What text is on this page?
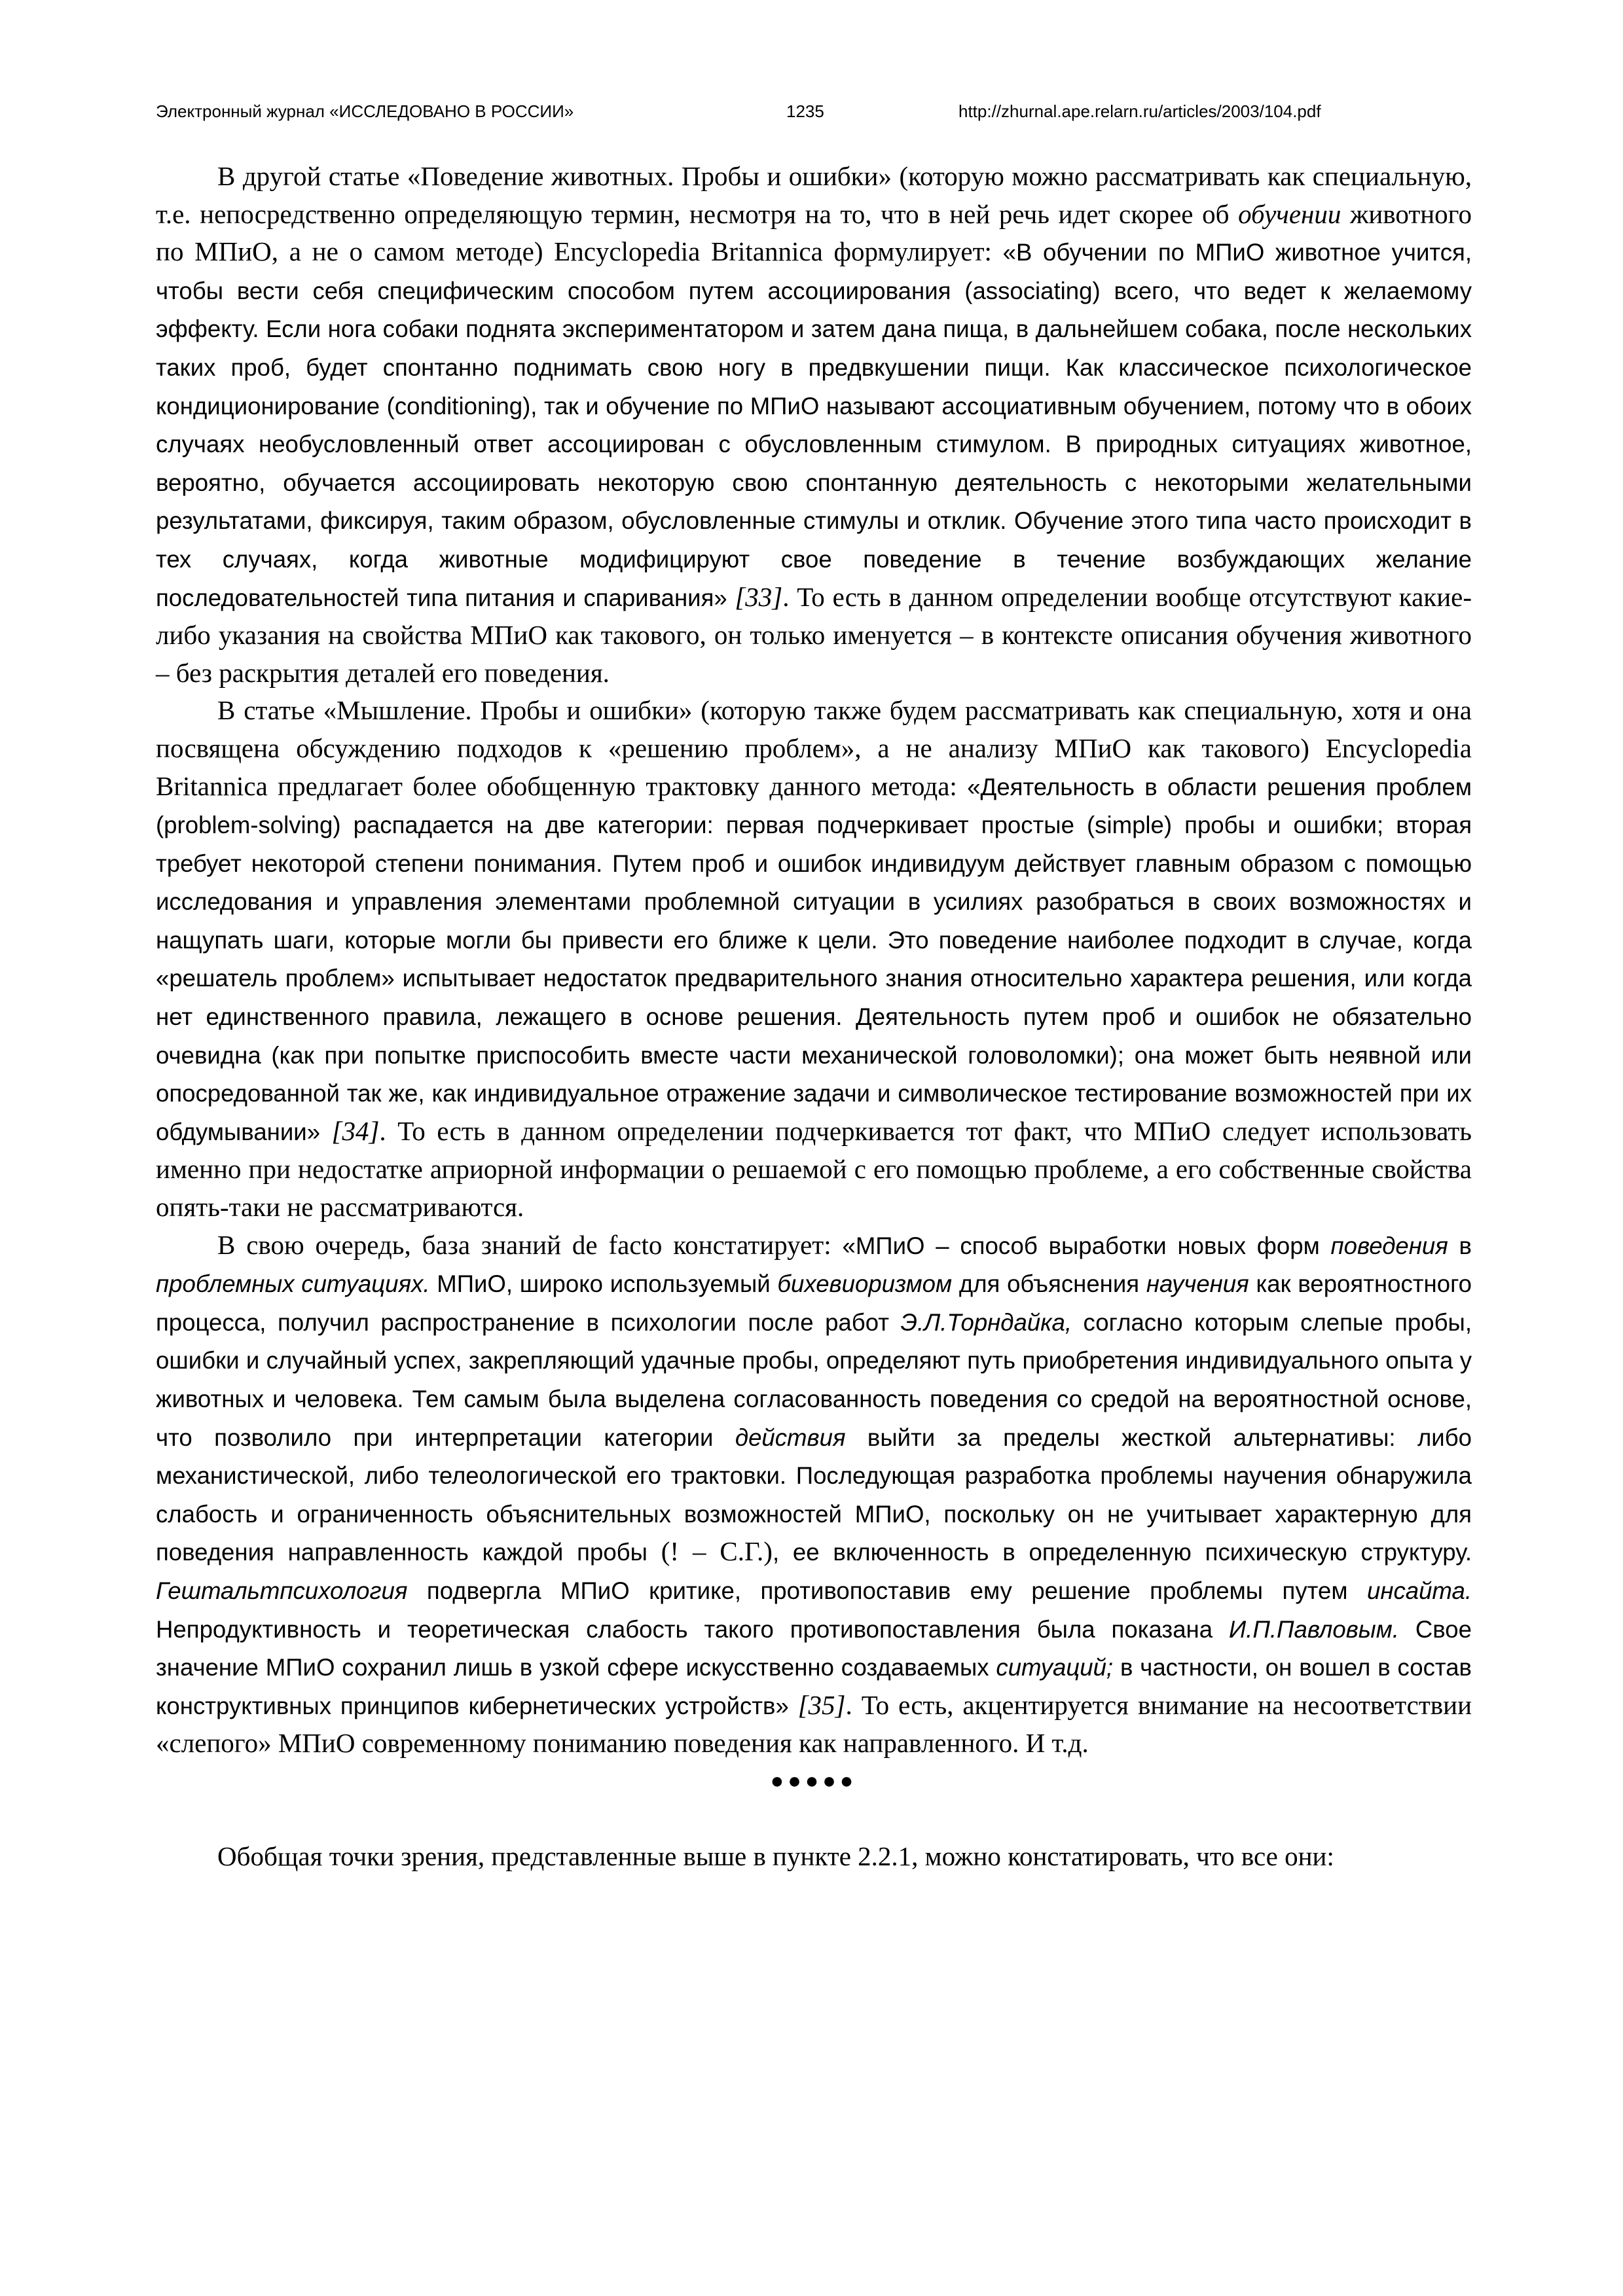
Электронный журнал «ИССЛЕДОВАНО В РОССИИ»	1235	http://zhurnal.ape.relarn.ru/articles/2003/104.pdf

В другой статье «Поведение животных. Пробы и ошибки» (которую можно рассматривать как специальную, т.е. непосредственно определяющую термин, несмотря на то, что в ней речь идет скорее об обучении животного по МПиО, а не о самом методе) Encyclopedia Britannica формулирует: «В обучении по МПиО животное учится, чтобы вести себя специфическим способом путем ассоциирования (associating) всего, что ведет к желаемому эффекту. Если нога собаки поднята экспериментатором и затем дана пища, в дальнейшем собака, после нескольких таких проб, будет спонтанно поднимать свою ногу в предвкушении пищи. Как классическое психологическое кондиционирование (conditioning), так и обучение по МПиО называют ассоциативным обучением, потому что в обоих случаях необусловленный ответ ассоциирован с обусловленным стимулом. В природных ситуациях животное, вероятно, обучается ассоциировать некоторую свою спонтанную деятельность с некоторыми желательными результатами, фиксируя, таким образом, обусловленные стимулы и отклик. Обучение этого типа часто происходит в тех случаях, когда животные модифицируют свое поведение в течение возбуждающих желание последовательностей типа питания и спаривания» [33]. То есть в данном определении вообще отсутствуют какие-либо указания на свойства МПиО как такового, он только именуется – в контексте описания обучения животного – без раскрытия деталей его поведения.

В статье «Мышление. Пробы и ошибки» (которую также будем рассматривать как специальную, хотя и она посвящена обсуждению подходов к «решению проблем», а не анализу МПиО как такового) Encyclopedia Britannica предлагает более обобщенную трактовку данного метода: «Деятельность в области решения проблем (problem-solving) распадается на две категории: первая подчеркивает простые (simple) пробы и ошибки; вторая требует некоторой степени понимания. Путем проб и ошибок индивидуум действует главным образом с помощью исследования и управления элементами проблемной ситуации в усилиях разобраться в своих возможностях и нащупать шаги, которые могли бы привести его ближе к цели. Это поведение наиболее подходит в случае, когда «решатель проблем» испытывает недостаток предварительного знания относительно характера решения, или когда нет единственного правила, лежащего в основе решения. Деятельность путем проб и ошибок не обязательно очевидна (как при попытке приспособить вместе части механической головоломки); она может быть неявной или опосредованной так же, как индивидуальное отражение задачи и символическое тестирование возможностей при их обдумывании» [34]. То есть в данном определении подчеркивается тот факт, что МПиО следует использовать именно при недостатке априорной информации о решаемой с его помощью проблеме, а его собственные свойства опять-таки не рассматриваются.

В свою очередь, база знаний de facto констатирует: «МПиО – способ выработки новых форм поведения в проблемных ситуациях. МПиО, широко используемый бихевиоризмом для объяснения научения как вероятностного процесса, получил распространение в психологии после работ Э.Л.Торндайка, согласно которым слепые пробы, ошибки и случайный успех, закрепляющий удачные пробы, определяют путь приобретения индивидуального опыта у животных и человека. Тем самым была выделена согласованность поведения со средой на вероятностной основе, что позволило при интерпретации категории действия выйти за пределы жесткой альтернативы: либо механистической, либо телеологической его трактовки. Последующая разработка проблемы научения обнаружила слабость и ограниченность объяснительных возможностей МПиО, поскольку он не учитывает характерную для поведения направленность каждой пробы (! – С.Г.), ее включенность в определенную психическую структуру. Гештальтпсихология подвергла МПиО критике, противопоставив ему решение проблемы путем инсайта. Непродуктивность и теоретическая слабость такого противопоставления была показана И.П.Павловым. Свое значение МПиО сохранил лишь в узкой сфере искусственно создаваемых ситуаций; в частности, он вошел в состав конструктивных принципов кибернетических устройств» [35]. То есть, акцентируется внимание на несоответствии «слепого» МПиО современному пониманию поведения как направленного. И т.д.

●●●●●

Обобщая точки зрения, представленные выше в пункте 2.2.1, можно констатировать, что все они:
